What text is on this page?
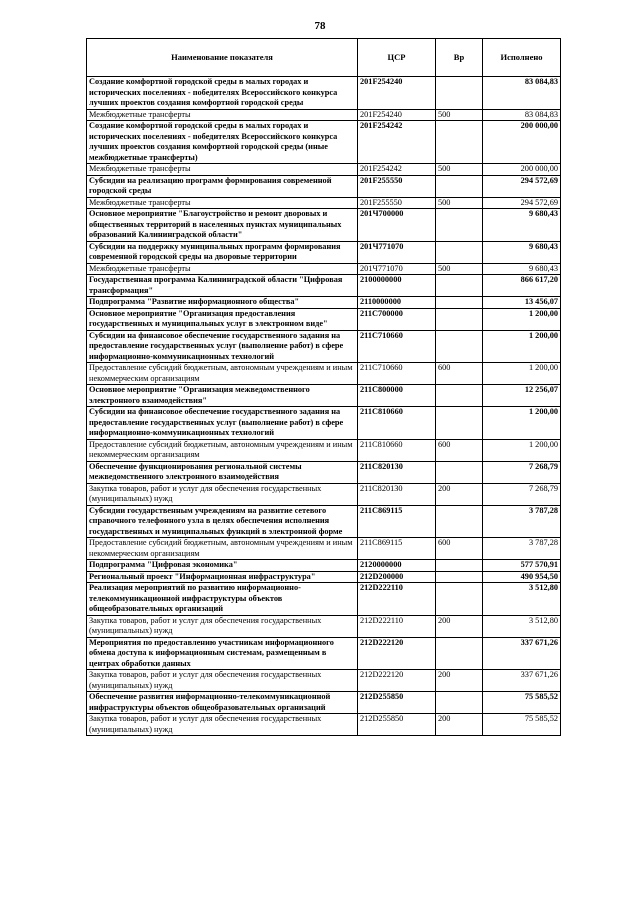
78
Наименование показателя	ЦСР	Вр	Исполнено
Создание комфортной городской среды в малых городах и исторических поселениях - победителях Всероссийского конкурса лучших проектов создания комфортной городской среды	201F254240		83 084,83
Межбюджетные трансферты	201F254240	500	83 084,83
Создание комфортной городской среды в малых городах и исторических поселениях - победителях Всероссийского конкурса лучших проектов создания комфортной городской среды (иные межбюджетные трансферты)	201F254242		200 000,00
Межбюджетные трансферты	201F254242	500	200 000,00
Субсидии на реализацию программ формирования современной городской среды	201F255550		294 572,69
Межбюджетные трансферты	201F255550	500	294 572,69
Основное мероприятие "Благоустройство и ремонт дворовых и общественных территорий в населенных пунктах муниципальных образований Калининградской области"	201Ч700000		9 680,43
Субсидии на поддержку муниципальных программ формирования современной городской среды на дворовые территории	201Ч771070		9 680,43
Межбюджетные трансферты	201Ч771070	500	9 680,43
Государственная программа Калининградской области "Цифровая трансформация"	2100000000		866 617,20
Подпрограмма "Развитие информационного общества"	2110000000		13 456,07
Основное мероприятие "Организация предоставления государственных и муниципальных услуг в электронном виде"	211С700000		1 200,00
Субсидии на финансовое обеспечение государственного задания на предоставление государственных услуг (выполнение работ) в сфере информационно-коммуникационных технологий	211С710660		1 200,00
Предоставление субсидий бюджетным, автономным учреждениям и иным некоммерческим организациям	211С710660	600	1 200,00
Основное мероприятие "Организация межведомственного электронного взаимодействия"	211С800000		12 256,07
Субсидии на финансовое обеспечение государственного задания на предоставление государственных услуг (выполнение работ) в сфере информационно-коммуникационных технологий	211С810660		1 200,00
Предоставление субсидий бюджетным, автономным учреждениям и иным некоммерческим организациям	211С810660	600	1 200,00
Обеспечение функционирования региональной системы межведомственного электронного взаимодействия	211С820130		7 268,79
Закупка товаров, работ и услуг для обеспечения государственных (муниципальных) нужд	211С820130	200	7 268,79
Субсидии государственным учреждениям на развитие сетевого справочного телефонного узла в целях обеспечения исполнения государственных и муниципальных функций в электронной форме	211С869115		3 787,28
Предоставление субсидий бюджетным, автономным учреждениям и иным некоммерческим организациям	211С869115	600	3 787,28
Подпрограмма "Цифровая экономика"	2120000000		577 570,91
Региональный проект "Информационная инфраструктура"	212D200000		490 954,50
Реализация мероприятий по развитию информационно-телекоммуникационной инфраструктуры объектов общеобразовательных организаций	212D222110		3 512,80
Закупка товаров, работ и услуг для обеспечения государственных (муниципальных) нужд	212D222110	200	3 512,80
Мероприятия по предоставлению участникам информационного обмена доступа к информационным системам, размещенным в центрах обработки данных	212D222120		337 671,26
Закупка товаров, работ и услуг для обеспечения государственных (муниципальных) нужд	212D222120	200	337 671,26
Обеспечение развития информационно-телекоммуникационной инфраструктуры объектов общеобразовательных организаций	212D255850		75 585,52
Закупка товаров, работ и услуг для обеспечения государственных (муниципальных) нужд	212D255850	200	75 585,52
